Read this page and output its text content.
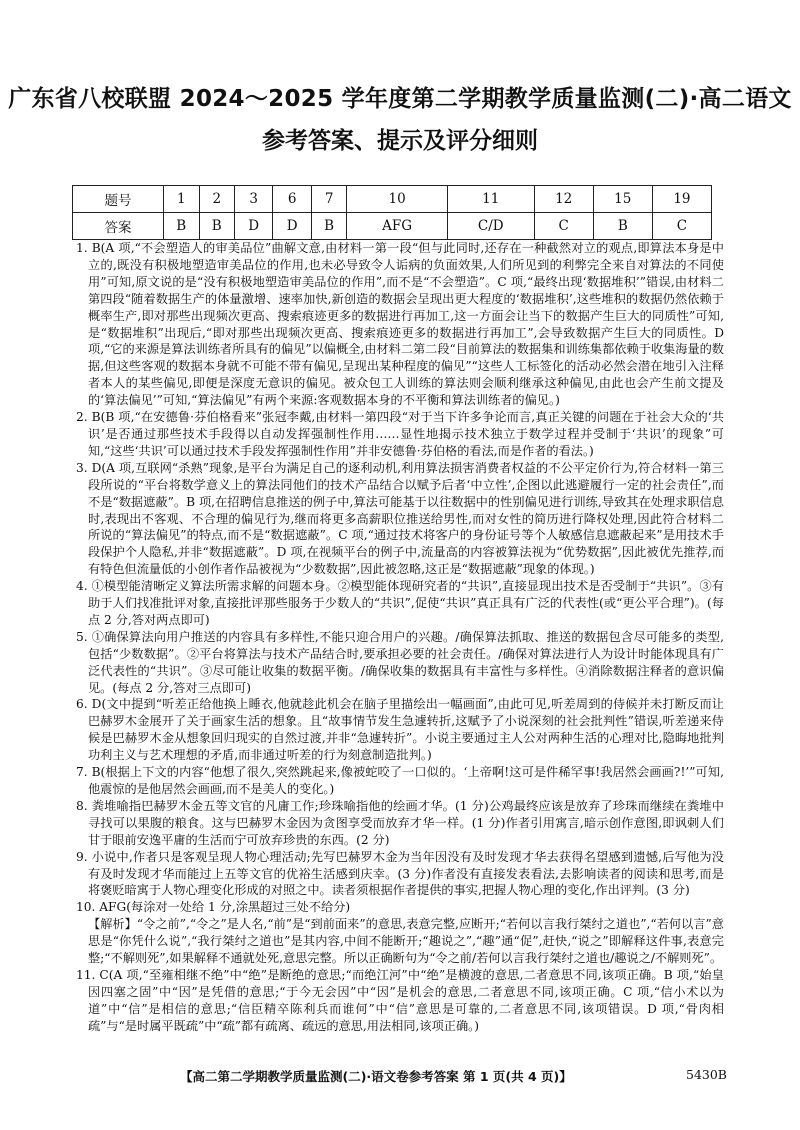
广东省八校联盟 2024～2025 学年度第二学期教学质量监测(二)·高二语文
参考答案、提示及评分细则
题号	1	2	3	6	7	10	11	12	15	19
答案	B	B	D	D	B	AFG	C/D	C	B	C

1. B(A 项,“不会塑造人的审美品位”曲解文意,由材料一第一段“但与此同时,还存在一种截然对立的观点,即算法本身是中立的,既没有积极地塑造审美品位的作用,也未必导致令人诟病的负面效果,人们所见到的利弊完全来自对算法的不同使用”可知,原文说的是“没有积极地塑造审美品位的作用”,而不是“不会塑造”。C 项,“最终出现‘数据堆积’”错误,由材料二第四段“随着数据生产的体量激增、速率加快,新创造的数据会呈现出更大程度的‘数据堆积’,这些堆积的数据仍然依赖于概率生产,即对那些出现频次更高、搜索痕迹更多的数据进行再加工,这一方面会让当下的数据产生巨大的同质性”可知,是“数据堆积”出现后,“即对那些出现频次更高、搜索痕迹更多的数据进行再加工”,会导致数据产生巨大的同质性。D 项,“它的来源是算法训练者所具有的偏见”以偏概全,由材料二第二段“目前算法的数据集和训练集都依赖于收集海量的数据,但这些客观的数据本身就不可能不带有偏见,呈现出某种程度的偏见”“这些人工标签化的活动必然会潜在地引入注释者本人的某些偏见,即便是深度无意识的偏见。被众包工人训练的算法则会顺利继承这种偏见,由此也会产生前文提及的‘算法偏见’”可知,“算法偏见”有两个来源:客观数据本身的不平衡和算法训练者的偏见。)

2. B(B 项,“在安德鲁·芬伯格看来”张冠李戴,由材料一第四段“对于当下许多争论而言,真正关键的问题在于社会大众的‘共识’是否通过那些技术手段得以自动发挥强制性作用……显性地揭示技术独立于数学过程并受制于‘共识’的现象”可知,“这些‘共识’可以通过技术手段发挥强制性作用”并非安德鲁·芬伯格的看法,而是作者的看法。)

3. D(A 项,互联网“杀熟”现象,是平台为满足自己的逐利动机,利用算法损害消费者权益的不公平定价行为,符合材料一第三段所说的“平台将数学意义上的算法同他们的技术产品结合以赋予后者‘中立性’,企图以此逃避履行一定的社会责任”,而不是“数据遮蔽”。B 项,在招聘信息推送的例子中,算法可能基于以往数据中的性别偏见进行训练,导致其在处理求职信息时,表现出不客观、不合理的偏见行为,继而将更多高薪职位推送给男性,而对女性的简历进行降权处理,因此符合材料二所说的“算法偏见”的特点,而不是“数据遮蔽”。C 项,“通过技术将客户的身份证号等个人敏感信息遮蔽起来”是用技术手段保护个人隐私,并非“数据遮蔽”。D 项,在视频平台的例子中,流量高的内容被算法视为“优势数据”,因此被优先推荐,而有特色但流量低的小创作者作品被视为“少数数据”,因此被忽略,这正是“数据遮蔽”现象的体现。)

4. ①模型能清晰定义算法所需求解的问题本身。②模型能体现研究者的“共识”,直接显现出技术是否受制于“共识”。③有助于人们找准批评对象,直接批评那些服务于少数人的“共识”,促使“共识”真正具有广泛的代表性(或“更公平合理”)。(每点 2 分,答对两点即可)

5. ①确保算法向用户推送的内容具有多样性,不能只迎合用户的兴趣。/确保算法抓取、推送的数据包含尽可能多的类型,包括“少数数据”。②平台将算法与技术产品结合时,要承担必要的社会责任。/确保对算法进行人为设计时能体现具有广泛代表性的“共识”。③尽可能让收集的数据平衡。/确保收集的数据具有丰富性与多样性。④消除数据注释者的意识偏见。(每点 2 分,答对三点即可)

6. D(文中提到“听差正给他换上睡衣,他就趁此机会在脑子里描绘出一幅画面”,由此可见,听差周到的侍候并未打断反而让巴赫罗木金展开了关于画家生活的想象。且“故事情节发生急遽转折,这赋予了小说深刻的社会批判性”错误,听差递来侍候是巴赫罗木金从想象回归现实的自然过渡,并非“急遽转折”。小说主要通过主人公对两种生活的心理对比,隐晦地批判功利主义与艺术理想的矛盾,而非通过听差的行为刻意制造批判。)

7. B(根据上下文的内容“他想了很久,突然跳起来,像被蛇咬了一口似的。‘上帝啊!这可是件稀罕事!我居然会画画?!’”可知,他震惊的是他居然会画画,而不是美人的变化。)

8. 粪堆喻指巴赫罗木金五等文官的凡庸工作;珍珠喻指他的绘画才华。(1 分)公鸡最终应该是放弃了珍珠而继续在粪堆中寻找可以果腹的粮食。这与巴赫罗木金因为贪图享受而放弃才华一样。(1 分)作者引用寓言,暗示创作意图,即讽刺人们甘于眼前安逸平庸的生活而宁可放弃珍贵的东西。(2 分)

9. 小说中,作者只是客观呈现人物心理活动;先写巴赫罗木金为当年因没有及时发现才华去获得名望感到遗憾,后写他为没有及时发现才华而能过上五等文官的优裕生活感到庆幸。(3 分)作者没有直接发表看法,去影响读者的阅读和思考,而是将褒贬暗寓于人物心理变化形成的对照之中。读者须根据作者提供的事实,把握人物心理的变化,作出评判。(3 分)

10. AFG(每涂对一处给 1 分,涂黑超过三处不给分)

【解析】“令之前”,“令之”是人名,“前”是“到前面来”的意思,表意完整,应断开;“若何以言我行桀纣之道也”,“若何以言”意思是“你凭什么说”,“我行桀纣之道也”是其内容,中间不能断开;“趣说之”,“趣”通“促”,赶快,“说之”即解释这件事,表意完整;“不解则死”,如果解释不通就处死,意思完整。所以正确断句为“令之前/若何以言我行桀纣之道也/趣说之/不解则死”。

11. C(A 项,“至雍相继不绝”中“绝”是断绝的意思;“而绝江河”中“绝”是横渡的意思,二者意思不同,该项正确。B 项,“始皇因四塞之固”中“因”是凭借的意思;“于今无会因”中“因”是机会的意思,二者意思不同,该项正确。C 项,“信小术以为道”中“信”是相信的意思;“信臣精卒陈利兵而谁何”中“信”意思是可靠的,二者意思不同,该项错误。D 项,“骨肉相疏”与“是时属平既疏”中“疏”都有疏离、疏远的意思,用法相同,该项正确。)

【高二第二学期教学质量监测(二)·语文卷参考答案 第 1 页(共 4 页)】	5430B
